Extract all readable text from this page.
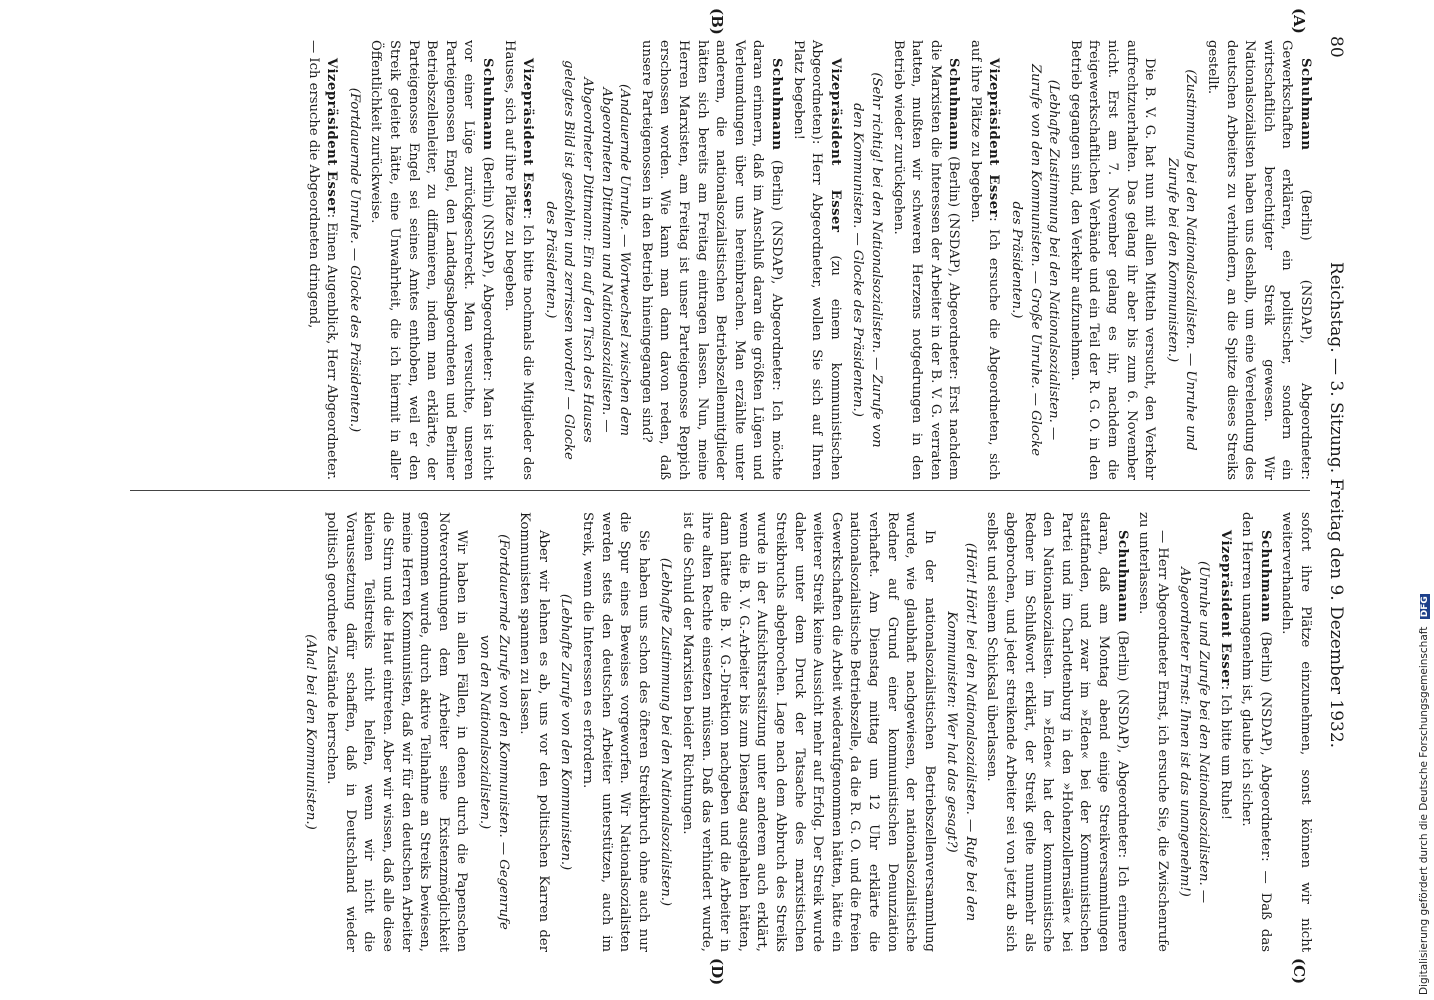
80
Reichstag. — 3. Sitzung. Freitag den 9. Dezember 1932.
(A)
(B)
(C)
(D)

Schuhmann (Berlin) (NSDAP), Abgeordneter: Gewerkschaften erklären, ein politischer, sondern ein wirtschaftlich berechtigter Streik gewesen. Wir Nationalsozialisten haben uns deshalb, um eine Verelendung des deutschen Arbeiters zu verhindern, an die Spitze dieses Streiks gestellt.

(Zustimmung bei den Nationalsozialisten. — Unruhe und Zurufe bei den Kommunisten.)

Die B. V. G. hat nun mit allen Mitteln versucht, den Verkehr aufrechtzuerhalten. Das gelang ihr aber bis zum 6. November nicht. Erst am 7. November gelang es ihr, nachdem die freigewerkschaftlichen Verbände und ein Teil der R. G. O. in den Betrieb gegangen sind, den Verkehr aufzunehmen.

(Lebhafte Zustimmung bei den Nationalsozialisten. — Zurufe von den Kommunisten. — Große Unruhe. — Glocke des Präsidenten.)

Vizepräsident Esser: Ich ersuche die Abgeordneten, sich auf ihre Plätze zu begeben.

Schuhmann (Berlin) (NSDAP), Abgeordneter: Erst nachdem die Marxisten die Interessen der Arbeiter in der B. V. G. verraten hatten, mußten wir schweren Herzens notgedrungen in den Betrieb wieder zurückgehen.

(Sehr richtig! bei den Nationalsozialisten. — Zurufe von den Kommunisten. — Glocke des Präsidenten.)

Vizepräsident Esser (zu einem kommunistischen Abgeordneten): Herr Abgeordneter, wollen Sie sich auf Ihren Platz begeben!

Schuhmann (Berlin) (NSDAP), Abgeordneter: Ich möchte daran erinnern, daß im Anschluß daran die größten Lügen und Verleumdungen über uns hereinbrachen. Man erzählte unter anderem, die nationalsozialistischen Betriebszellenmitglieder hätten sich bereits am Freitag eintragen lassen. Nun, meine Herren Marxisten, am Freitag ist unser Parteigenosse Reppich erschossen worden. Wie kann man dann davon reden, daß unsere Parteigenossen in den Betrieb hineingegangen sind?

(Andauernde Unruhe. — Wortwechsel zwischen dem Abgeordneten Dittmann und Nationalsozialisten. — Abgeordneter Dittmann: Ein auf den Tisch des Hauses gelegtes Bild ist gestohlen und zerrissen worden! — Glocke des Präsidenten.)

Vizepräsident Esser: Ich bitte nochmals die Mitglieder des Hauses, sich auf ihre Plätze zu begeben.

Schuhmann (Berlin) (NSDAP), Abgeordneter: Man ist nicht vor einer Lüge zurückgeschreckt. Man versuchte, unseren Parteigenossen Engel, den Landtagsabgeordneten und Berliner Betriebszellenleiter, zu diffamieren, indem man erklärte, der Parteigenosse Engel sei seines Amtes enthoben, weil er den Streik geleitet hätte, eine Unwahrheit, die ich hiermit in aller Öffentlichkeit zurückweise.

(Fortdauernde Unruhe. — Glocke des Präsidenten.)

Vizepräsident Esser: Einen Augenblick, Herr Abgeordneter. — Ich ersuche die Abgeordneten dringend,

sofort ihre Plätze einzunehmen, sonst können wir nicht weiterverhandeln.

Schuhmann (Berlin) (NSDAP), Abgeordneter: — Daß das den Herren unangenehm ist, glaube ich sicher.

Vizepräsident Esser: Ich bitte um Ruhe!

(Unruhe und Zurufe bei den Nationalsozialisten. — Abgeordneter Ernst: Ihnen ist das unangenehm!)

— Herr Abgeordneter Ernst, ich ersuche Sie, die Zwischenrufe zu unterlassen.

Schuhmann (Berlin) (NSDAP), Abgeordneter: Ich erinnere daran, daß am Montag abend einige Streikversammlungen stattfanden, und zwar im »Eden« bei der Kommunistischen Partei und im Charlottenburg in den »Hohenzollernsälen« bei den Nationalsozialisten. Im »Eden« hat der kommunistische Redner im Schlußwort erklärt, der Streik gelte nunmehr als abgebrochen, und jeder streikende Arbeiter sei von jetzt ab sich selbst und seinem Schicksal überlassen.

(Hört! Hört! bei den Nationalsozialisten. — Rufe bei den Kommunisten: Wer hat das gesagt?)

In der nationalsozialistischen Betriebszellenversammlung wurde, wie glaubhaft nachgewiesen, der nationalsozialistische Redner auf Grund einer kommunistischen Denunziation verhaftet. Am Dienstag mittag um 12 Uhr erklärte die nationalsozialistische Betriebszelle, da die R. G. O. und die freien Gewerkschaften die Arbeit wiederaufgenommen hätten, hätte ein weiterer Streik keine Aussicht mehr auf Erfolg. Der Streik wurde daher unter dem Druck der Tatsache des marxistischen Streikbruchs abgebrochen. Lage nach dem Abbruch des Streiks wurde in der Aufsichtsratssitzung unter anderem auch erklärt, wenn die B. V. G.-Arbeiter bis zum Dienstag ausgehalten hätten, dann hätte die B. V. G.-Direktion nachgeben und die Arbeiter in ihre alten Rechte einsetzen müssen. Daß das verhindert wurde, ist die Schuld der Marxisten beider Richtungen.

(Lebhafte Zustimmung bei den Nationalsozialisten.)

Sie haben uns schon des öfteren Streikbruch ohne auch nur die Spur eines Beweises vorgeworfen. Wir Nationalsozialisten werden stets den deutschen Arbeiter unterstützen, auch im Streik, wenn die Interessen es erfordern.

(Lebhafte Zurufe von den Kommunisten.)

Aber wir lehnen es ab, uns vor den politischen Karren der Kommunisten spannen zu lassen.

(Fortdauernde Zurufe von den Kommunisten. — Gegenrufe von den Nationalsozialisten.)

Wir haben in allen Fällen, in denen durch die Papenschen Notverordnungen dem Arbeiter seine Existenzmöglichkeit genommen wurde, durch aktive Teilnahme an Streiks bewiesen, meine Herren Kommunisten, daß wir für den deutschen Arbeiter die Stirn und die Haut eintreten. Aber wir wissen, daß alle diese kleinen Teilstreiks nicht helfen, wenn wir nicht die Voraussetzung dafür schaffen, daß in Deutschland wieder politisch geordnete Zustände herrschen.

(Aha! bei den Kommunisten.)	Digitalisierung gefördert durch die Deutsche Forschungsgemeinschaft DFG
